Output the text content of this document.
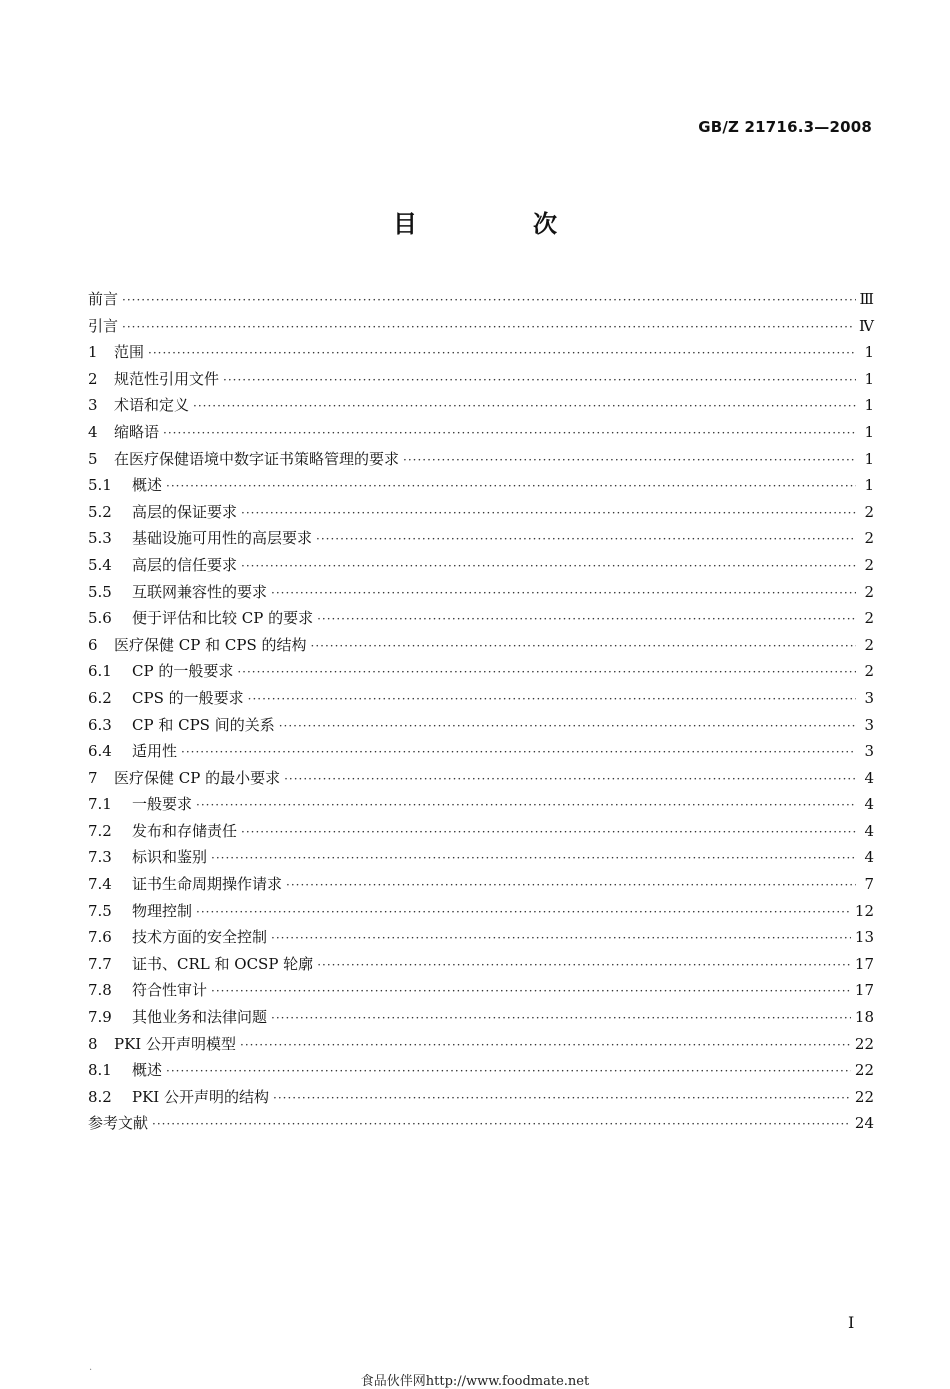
GB/Z 21716.3—2008
目　次
前言 ·····	Ⅲ
引言 ·····	Ⅳ
1	范围 ·····	1
2	规范性引用文件 ·····	1
3	术语和定义 ·····	1
4	缩略语 ·····	1
5	在医疗保健语境中数字证书策略管理的要求 ·····	1
5.1	概述 ·····	1
5.2	高层的保证要求 ·····	2
5.3	基础设施可用性的高层要求 ·····	2
5.4	高层的信任要求 ·····	2
5.5	互联网兼容性的要求 ·····	2
5.6	便于评估和比较 CP 的要求 ·····	2
6	医疗保健 CP 和 CPS 的结构 ·····	2
6.1	CP 的一般要求 ·····	2
6.2	CPS 的一般要求 ·····	3
6.3	CP 和 CPS 间的关系 ·····	3
6.4	适用性 ·····	3
7	医疗保健 CP 的最小要求 ·····	4
7.1	一般要求 ·····	4
7.2	发布和存储责任 ·····	4
7.3	标识和鉴别 ·····	4
7.4	证书生命周期操作请求 ·····	7
7.5	物理控制 ·····	12
7.6	技术方面的安全控制 ·····	13
7.7	证书、CRL 和 OCSP 轮廓 ·····	17
7.8	符合性审计 ·····	17
7.9	其他业务和法律问题 ·····	18
8	PKI 公开声明模型 ·····	22
8.1	概述 ·····	22
8.2	PKI 公开声明的结构 ·····	22
参考文献 ·····	24
I
.
食品伙伴网http://www.foodmate.net
